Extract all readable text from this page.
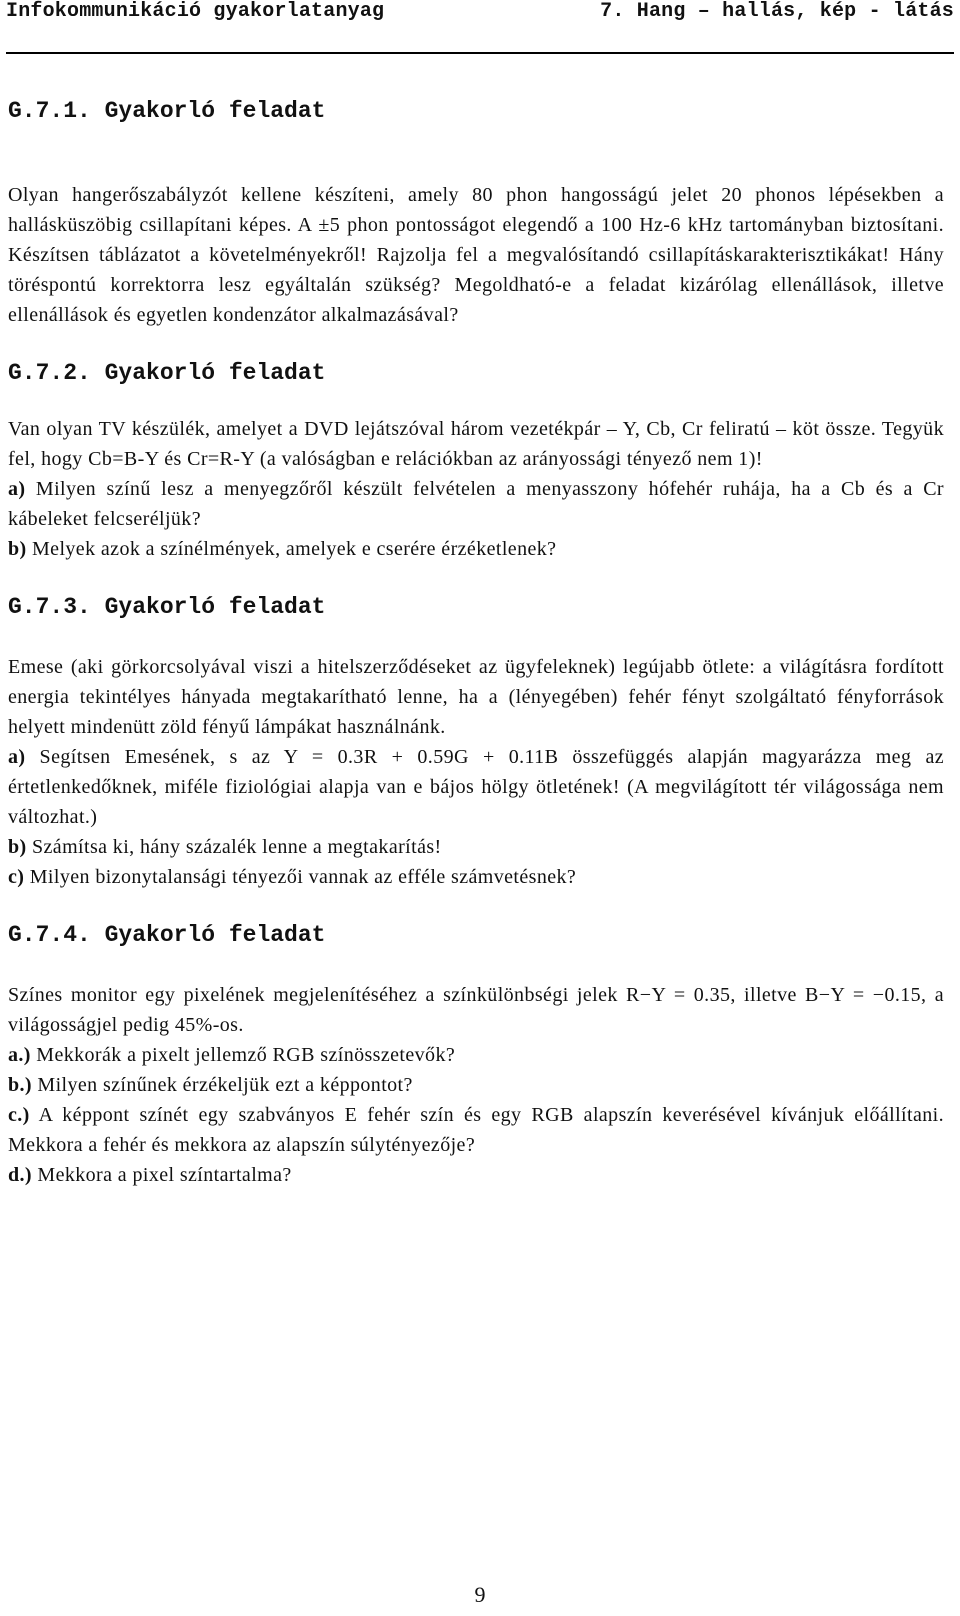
Infokommunikáció gyakorlatanyag	7. Hang – hallás, kép - látás
G.7.1. Gyakorló feladat

Olyan hangerőszabályzót kellene készíteni, amely 80 phon hangosságú jelet 20 phonos lépésekben a hallásküszöbig csillapítani képes. A ±5 phon pontosságot elegendő a 100 Hz-6 kHz tartományban biztosítani. Készítsen táblázatot a követelményekről! Rajzolja fel a megvalósítandó csillapításkarakterisztikákat! Hány töréspontú korrektorra lesz egyáltalán szükség? Megoldható-e a feladat kizárólag ellenállások, illetve ellenállások és egyetlen kondenzátor alkalmazásával?

G.7.2. Gyakorló feladat

Van olyan TV készülék, amelyet a DVD lejátszóval három vezetékpár – Y, Cb, Cr feliratú – köt össze. Tegyük fel, hogy Cb=B-Y és Cr=R-Y (a valóságban e relációkban az arányossági tényező nem 1)!

a) Milyen színű lesz a menyegzőről készült felvételen a menyasszony hófehér ruhája, ha a Cb és a Cr kábeleket felcseréljük?

b) Melyek azok a színélmények, amelyek e cserére érzéketlenek?

G.7.3. Gyakorló feladat

Emese (aki görkorcsolyával viszi a hitelszerződéseket az ügyfeleknek) legújabb ötlete: a világításra fordított energia tekintélyes hányada megtakarítható lenne, ha a (lényegében) fehér fényt szolgáltató fényforrások helyett mindenütt zöld fényű lámpákat használnánk.

a) Segítsen Emesének, s az Y = 0.3R + 0.59G + 0.11B összefüggés alapján magyarázza meg az értetlenkedőknek, miféle fiziológiai alapja van e bájos hölgy ötletének! (A megvilágított tér világossága nem változhat.)

b) Számítsa ki, hány százalék lenne a megtakarítás!

c) Milyen bizonytalansági tényezői vannak az efféle számvetésnek?

G.7.4. Gyakorló feladat

Színes monitor egy pixelének megjelenítéséhez a színkülönbségi jelek R−Y = 0.35, illetve B−Y = −0.15, a világosságjel pedig 45%-os.

a.) Mekkorák a pixelt jellemző RGB színösszetevők?

b.) Milyen színűnek érzékeljük ezt a képpontot?

c.) A képpont színét egy szabványos E fehér szín és egy RGB alapszín keverésével kívánjuk előállítani. Mekkora a fehér és mekkora az alapszín súlytényezője?

d.) Mekkora a pixel színtartalma?

9
